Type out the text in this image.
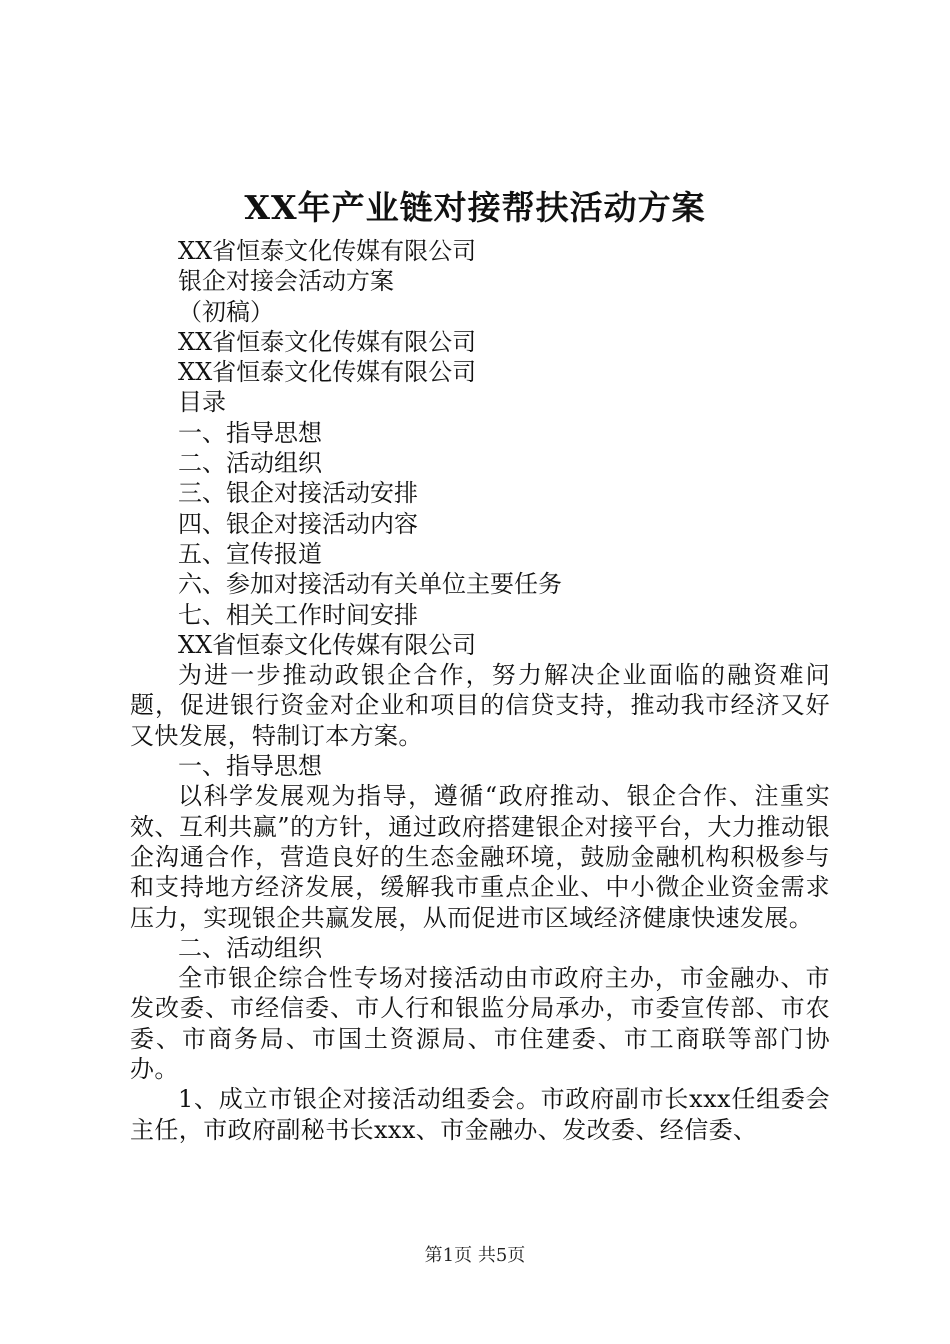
XX年产业链对接帮扶活动方案

XX省恒泰文化传媒有限公司

银企对接会活动方案

（初稿）

XX省恒泰文化传媒有限公司

XX省恒泰文化传媒有限公司

目录

一、指导思想

二、活动组织

三、银企对接活动安排

四、银企对接活动内容

五、宣传报道

六、参加对接活动有关单位主要任务

七、相关工作时间安排

XX省恒泰文化传媒有限公司

为进一步推动政银企合作，努力解决企业面临的融资难问题，促进银行资金对企业和项目的信贷支持，推动我市经济又好又快发展，特制订本方案。

一、指导思想

以科学发展观为指导，遵循“政府推动、银企合作、注重实效、互利共赢”的方针，通过政府搭建银企对接平台，大力推动银企沟通合作，营造良好的生态金融环境，鼓励金融机构积极参与和支持地方经济发展，缓解我市重点企业、中小微企业资金需求压力，实现银企共赢发展，从而促进市区域经济健康快速发展。

二、活动组织

全市银企综合性专场对接活动由市政府主办，市金融办、市发改委、市经信委、市人行和银监分局承办，市委宣传部、市农委、市商务局、市国土资源局、市住建委、市工商联等部门协办。

1、成立市银企对接活动组委会。市政府副市长xxx任组委会主任，市政府副秘书长xxx、市金融办、发改委、经信委、

第1页 共5页
